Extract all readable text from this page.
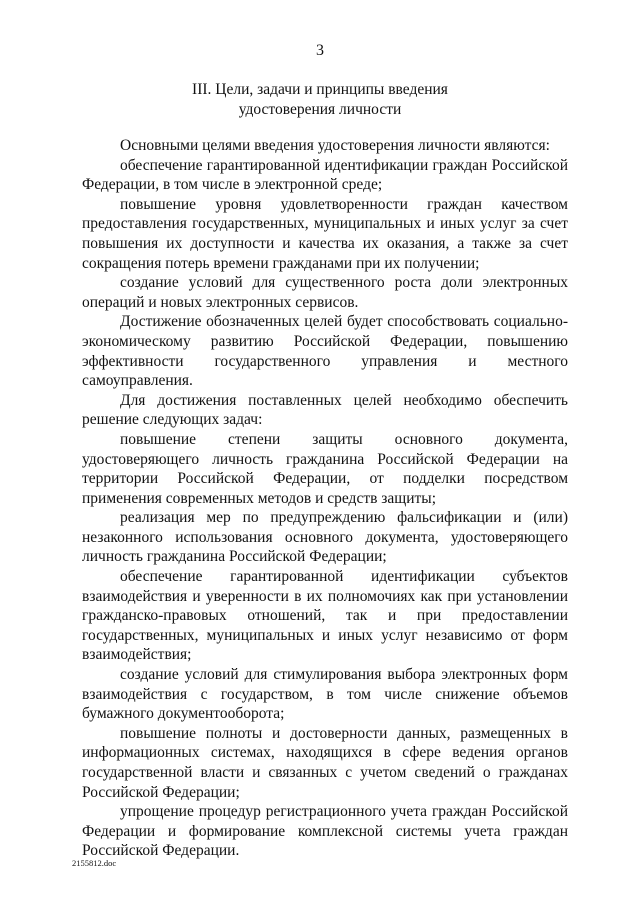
3
III. Цели, задачи и принципы введения
удостоверения личности

Основными целями введения удостоверения личности являются:

обеспечение гарантированной идентификации граждан Российской Федерации, в том числе в электронной среде;

повышение уровня удовлетворенности граждан качеством предоставления государственных, муниципальных и иных услуг за счет повышения их доступности и качества их оказания, а также за счет сокращения потерь времени гражданами при их получении;

создание условий для существенного роста доли электронных операций и новых электронных сервисов.

Достижение обозначенных целей будет способствовать социально-экономическому развитию Российской Федерации, повышению эффективности государственного управления и местного самоуправления.

Для достижения поставленных целей необходимо обеспечить решение следующих задач:

повышение степени защиты основного документа, удостоверяющего личность гражданина Российской Федерации на территории Российской Федерации, от подделки посредством применения современных методов и средств защиты;

реализация мер по предупреждению фальсификации и (или) незаконного использования основного документа, удостоверяющего личность гражданина Российской Федерации;

обеспечение гарантированной идентификации субъектов взаимодействия и уверенности в их полномочиях как при установлении гражданско-правовых отношений, так и при предоставлении государственных, муниципальных и иных услуг независимо от форм взаимодействия;

создание условий для стимулирования выбора электронных форм взаимодействия с государством, в том числе снижение объемов бумажного документооборота;

повышение полноты и достоверности данных, размещенных в информационных системах, находящихся в сфере ведения органов государственной власти и связанных с учетом сведений о гражданах Российской Федерации;

упрощение процедур регистрационного учета граждан Российской Федерации и формирование комплексной системы учета граждан Российской Федерации.

2155812.doc
